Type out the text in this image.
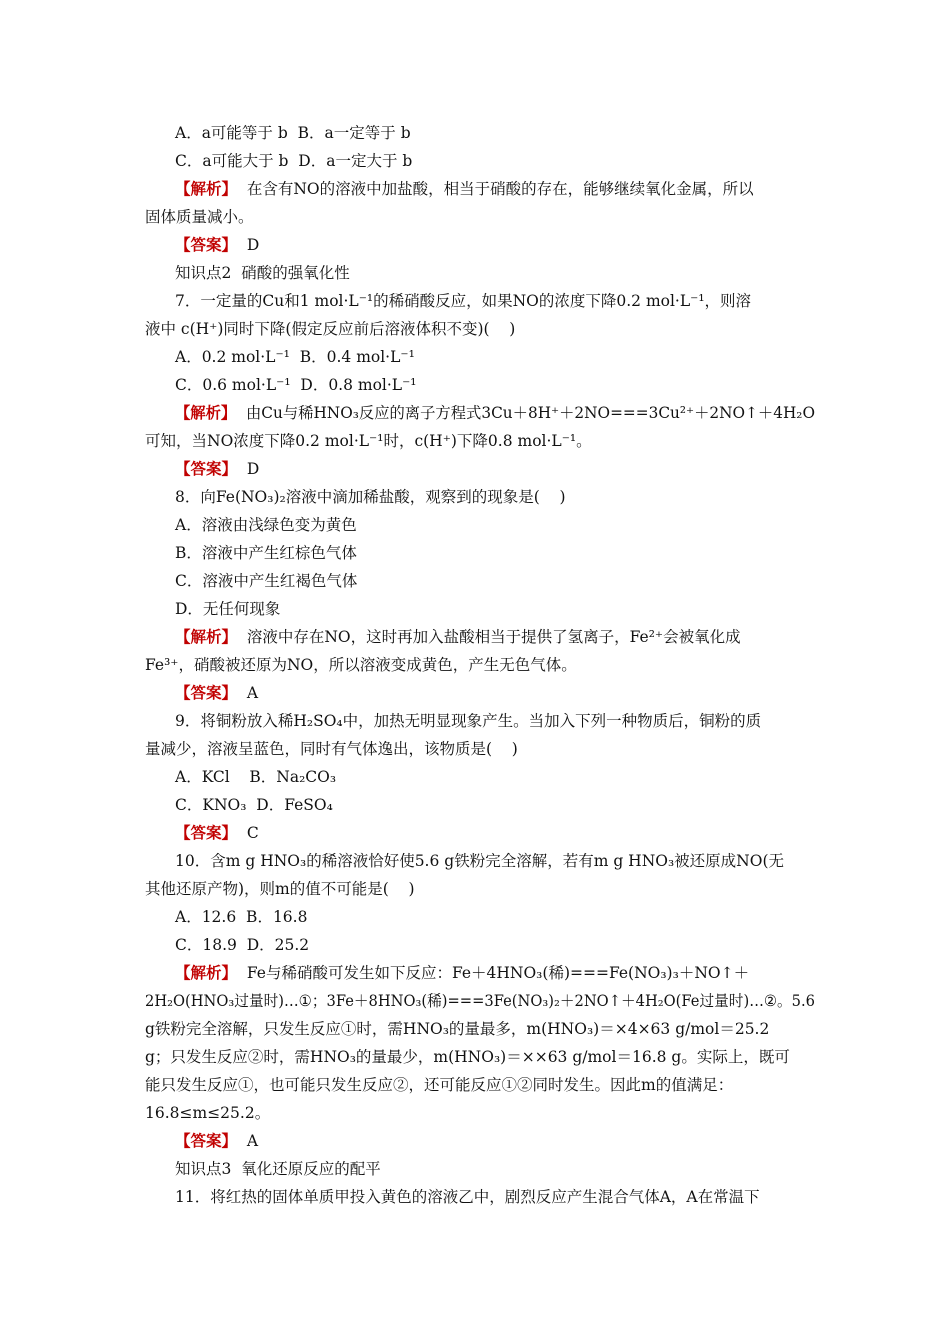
A．a可能等于 b  B．a一定等于 b
C．a可能大于 b  D．a一定大于 b
【解析】  在含有NO的溶液中加盐酸，相当于硝酸的存在，能够继续氧化金属，所以
固体质量减小。
【答案】  D
知识点2  硝酸的强氧化性
7．一定量的Cu和1 mol·L⁻¹的稀硝酸反应，如果NO的浓度下降0.2 mol·L⁻¹，则溶
液中 c(H⁺)同时下降(假定反应前后溶液体积不变)(    )
A．0.2 mol·L⁻¹  B．0.4 mol·L⁻¹
C．0.6 mol·L⁻¹  D．0.8 mol·L⁻¹
【解析】  由Cu与稀HNO₃反应的离子方程式3Cu＋8H⁺＋2NO===3Cu²⁺＋2NO↑＋4H₂O
可知，当NO浓度下降0.2 mol·L⁻¹时，c(H⁺)下降0.8 mol·L⁻¹。
【答案】  D
8．向Fe(NO₃)₂溶液中滴加稀盐酸，观察到的现象是(    )
A．溶液由浅绿色变为黄色
B．溶液中产生红棕色气体
C．溶液中产生红褐色气体
D．无任何现象
【解析】  溶液中存在NO，这时再加入盐酸相当于提供了氢离子，Fe²⁺会被氧化成
Fe³⁺，硝酸被还原为NO，所以溶液变成黄色，产生无色气体。
【答案】  A
9．将铜粉放入稀H₂SO₄中，加热无明显现象产生。当加入下列一种物质后，铜粉的质
量减少，溶液呈蓝色，同时有气体逸出，该物质是(    )
A．KCl    B．Na₂CO₃
C．KNO₃  D．FeSO₄
【答案】  C
10．含m g HNO₃的稀溶液恰好使5.6 g铁粉完全溶解，若有m g HNO₃被还原成NO(无
其他还原产物)，则m的值不可能是(    )
A．12.6  B．16.8
C．18.9  D．25.2
【解析】  Fe与稀硝酸可发生如下反应：Fe＋4HNO₃(稀)===Fe(NO₃)₃＋NO↑＋
2H₂O(HNO₃过量时)…①；3Fe＋8HNO₃(稀)===3Fe(NO₃)₂＋2NO↑＋4H₂O(Fe过量时)…②。5.6
g铁粉完全溶解，只发生反应①时，需HNO₃的量最多，m(HNO₃)＝×4×63 g/mol＝25.2
g；只发生反应②时，需HNO₃的量最少，m(HNO₃)＝××63 g/mol＝16.8 g。实际上，既可
能只发生反应①，也可能只发生反应②，还可能反应①②同时发生。因此m的值满足：
16.8≤m≤25.2。
【答案】  A
知识点3  氧化还原反应的配平
11．将红热的固体单质甲投入黄色的溶液乙中，剧烈反应产生混合气体A，A在常温下
